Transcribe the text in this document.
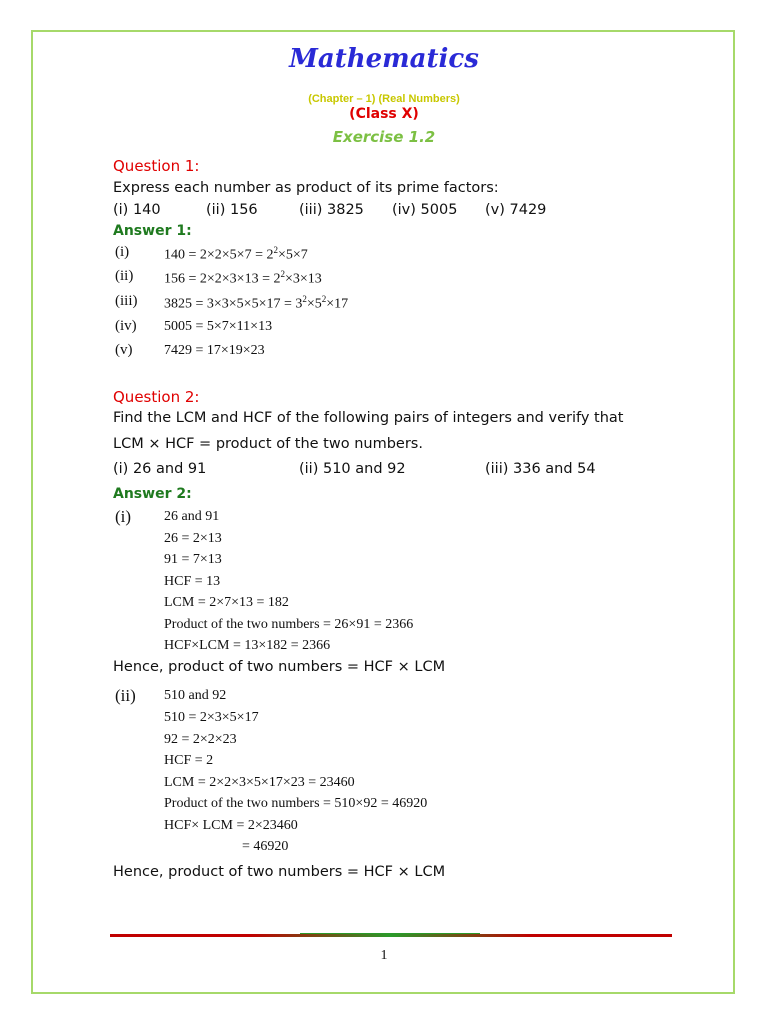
Mathematics
(Chapter – 1) (Real Numbers)
(Class X)
Exercise 1.2
Question 1:
Express each number as product of its prime factors:
(i) 140	(ii) 156	(iii) 3825 (iv) 5005 (v) 7429
Answer 1:
(i) $140 = 2\times 2\times 5\times 7 = 2^2\times 5\times 7$
(ii) $156 = 2\times 2\times 3\times 13 = 2^2\times 3\times 13$
(iii) $3825 = 3\times 3\times 5\times 5\times 17 = 3^2\times 5^2\times 17$
(iv) 5005 = 5×7×11×13
(v) 7429 = 17×19×23
Question 2:
Find the LCM and HCF of the following pairs of integers and verify that
LCM × HCF = product of the two numbers.
(i) 26 and 91	(ii) 510 and 92	(iii) 336 and 54
Answer 2:
(i) 26 and 91
26 = 2×13
91 = 7×13
HCF = 13
LCM = 2×7×13 = 182
Product of the two numbers = 26×91 = 2366
HCF×LCM = 13×182 = 2366
Hence, product of two numbers = HCF × LCM
(ii) 510 and 92
510 = 2×3×5×17
92 = 2×2×23
HCF = 2
LCM = 2×2×3×5×17×23 = 23460
Product of the two numbers = 510×92 = 46920
HCF× LCM = 2×23460
= 46920
Hence, product of two numbers = HCF × LCM
1
